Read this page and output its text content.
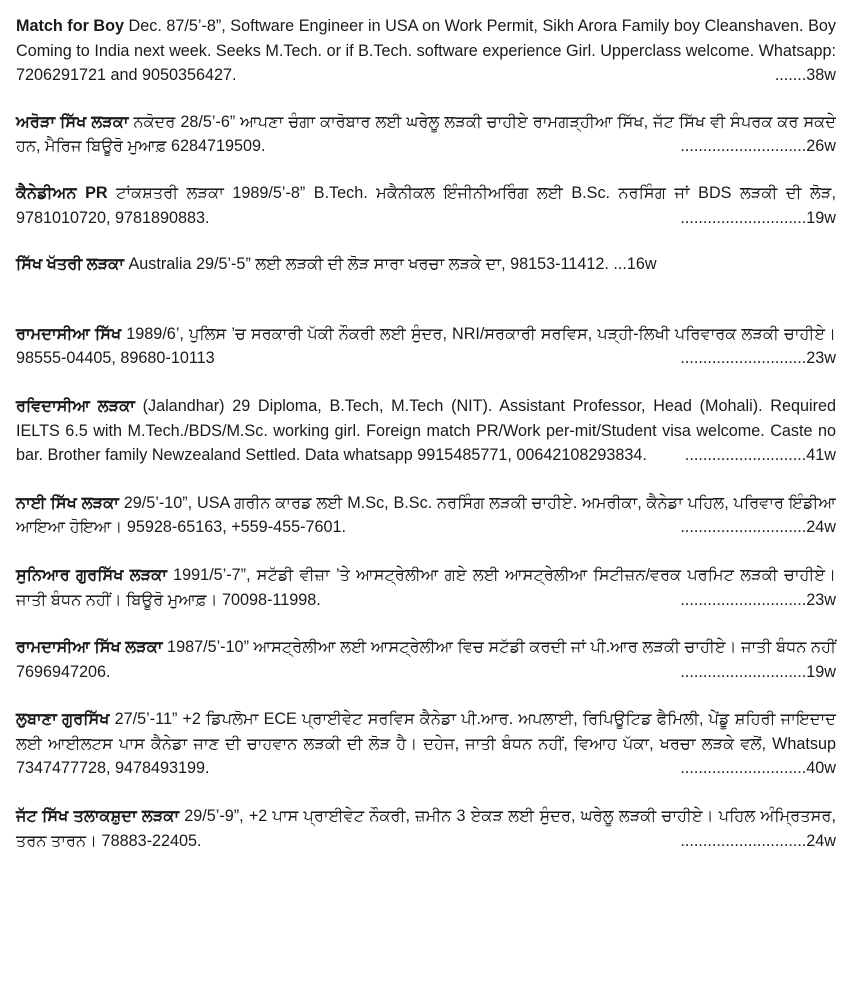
Match for Boy Dec. 87/5’-8”, Software Engineer in USA on Work Permit, Sikh Arora Family boy Cleanshaven. Boy Coming to India next week. Seeks M.Tech. or if B.Tech. software experience Girl. Upperclass welcome. Whatsapp: 7206291721 and 9050356427.	.......38w

ਅਰੋੜਾ ਸਿੱਖ ਲੜਕਾ ਨਕੋਦਰ 28/5’-6” ਆਪਣਾ ਚੰਗਾ ਕਾਰੋਬਾਰ ਲਈ ਘਰੇਲੂ ਲੜਕੀ ਚਾਹੀਏ ਰਾਮਗੜ੍ਹੀਆ ਸਿੱਖ, ਜੱਟ ਸਿੱਖ ਵੀ ਸੰਪਰਕ ਕਰ ਸਕਦੇ ਹਨ, ਮੈਰਿਜ ਬਿਊਰੋ ਮੁਆਫ਼ 6284719509.	............................26w

ਕੈਨੇਡੀਅਨ PR ਟਾਂਕਸ਼ਤਰੀ ਲੜਕਾ 1989/5’-8” B.Tech. ਮਕੈਨੀਕਲ ਇੰਜੀਨੀਅਰਿੰਗ ਲਈ B.Sc. ਨਰਸਿੰਗ ਜਾਂ BDS ਲੜਕੀ ਦੀ ਲੋੜ, 9781010720, 9781890883.	............................19w

ਸਿੱਖ ਖੱਤਰੀ ਲੜਕਾ Australia 29/5’-5” ਲਈ ਲੜਕੀ ਦੀ ਲੋੜ ਸਾਰਾ ਖਰਚਾ ਲੜਕੇ ਦਾ, 98153-11412. ...16w

ਰਾਮਦਾਸੀਆ ਸਿੱਖ 1989/6’, ਪੁਲਿਸ ’ਚ ਸਰਕਾਰੀ ਪੱਕੀ ਨੌਕਰੀ ਲਈ ਸੁੰਦਰ, NRI/ਸਰਕਾਰੀ ਸਰਵਿਸ, ਪੜ੍ਹੀ-ਲਿਖੀ ਪਰਿਵਾਰਕ ਲੜਕੀ ਚਾਹੀਏ। 98555-04405, 89680-10113	............................23w

ਰਵਿਦਾਸੀਆ ਲੜਕਾ (Jalandhar) 29 Diploma, B.Tech, M.Tech (NIT). Assistant Professor, Head (Mohali). Required IELTS 6.5 with M.Tech./BDS/M.Sc. working girl. Foreign match PR/Work per-mit/Student visa welcome. Caste no bar. Brother family Newzealand Settled. Data whatsapp 9915485771, 00642108293834. ...........................41w

ਨਾਈ ਸਿੱਖ ਲੜਕਾ 29/5’-10”, USA ਗਰੀਨ ਕਾਰਡ ਲਈ M.Sc, B.Sc. ਨਰਸਿੰਗ ਲੜਕੀ ਚਾਹੀਏ. ਅਮਰੀਕਾ, ਕੈਨੇਡਾ ਪਹਿਲ, ਪਰਿਵਾਰ ਇੰਡੀਆ ਆਇਆ ਹੋਇਆ। 95928-65163, +559-455-7601.	............................24w

ਸੁਨਿਆਰ ਗੁਰਸਿੱਖ ਲੜਕਾ 1991/5’-7”, ਸਟੱਡੀ ਵੀਜ਼ਾ ’ਤੇ ਆਸਟ੍ਰੇਲੀਆ ਗਏ ਲਈ ਆਸਟ੍ਰੇਲੀਆ ਸਿਟੀਜ਼ਨ/ਵਰਕ ਪਰਮਿਟ ਲੜਕੀ ਚਾਹੀਏ। ਜਾਤੀ ਬੰਧਨ ਨਹੀਂ। ਬਿਊਰੋ ਮੁਆਫ਼। 70098-11998.	............................23w

ਰਾਮਦਾਸੀਆ ਸਿੱਖ ਲੜਕਾ 1987/5’-10” ਆਸਟ੍ਰੇਲੀਆ ਲਈ ਆਸਟ੍ਰੇਲੀਆ ਵਿਚ ਸਟੱਡੀ ਕਰਦੀ ਜਾਂ ਪੀ.ਆਰ ਲੜਕੀ ਚਾਹੀਏ। ਜਾਤੀ ਬੰਧਨ ਨਹੀਂ 7696947206.	............................19w

ਲੁਬਾਣਾ ਗੁਰਸਿੱਖ 27/5’-11” +2 ਡਿਪਲੋਮਾ ECE ਪ੍ਰਾਈਵੇਟ ਸਰਵਿਸ ਕੈਨੇਡਾ ਪੀ.ਆਰ. ਅਪਲਾਈ, ਰਿਪਿਊਟਿਡ ਫੈਮਿਲੀ, ਪੇਂਡੂ ਸ਼ਹਿਰੀ ਜਾਇਦਾਦ ਲਈ ਆਈਲਟਸ ਪਾਸ ਕੈਨੇਡਾ ਜਾਣ ਦੀ ਚਾਹਵਾਨ ਲੜਕੀ ਦੀ ਲੋੜ ਹੈ। ਦਹੇਜ, ਜਾਤੀ ਬੰਧਨ ਨਹੀਂ, ਵਿਆਹ ਪੱਕਾ, ਖਰਚਾ ਲੜਕੇ ਵਲੋਂ, Whatsup 7347477728, 9478493199.	............................40w

ਜੱਟ ਸਿੱਖ ਤਲਾਕਸ਼ੁਦਾ ਲੜਕਾ 29/5’-9”, +2 ਪਾਸ ਪ੍ਰਾਈਵੇਟ ਨੌਕਰੀ, ਜ਼ਮੀਨ 3 ਏਕੜ ਲਈ ਸੁੰਦਰ, ਘਰੇਲੂ ਲੜਕੀ ਚਾਹੀਏ। ਪਹਿਲ ਅੰਮ੍ਰਿਤਸਰ, ਤਰਨ ਤਾਰਨ। 78883-22405.	............................24w
